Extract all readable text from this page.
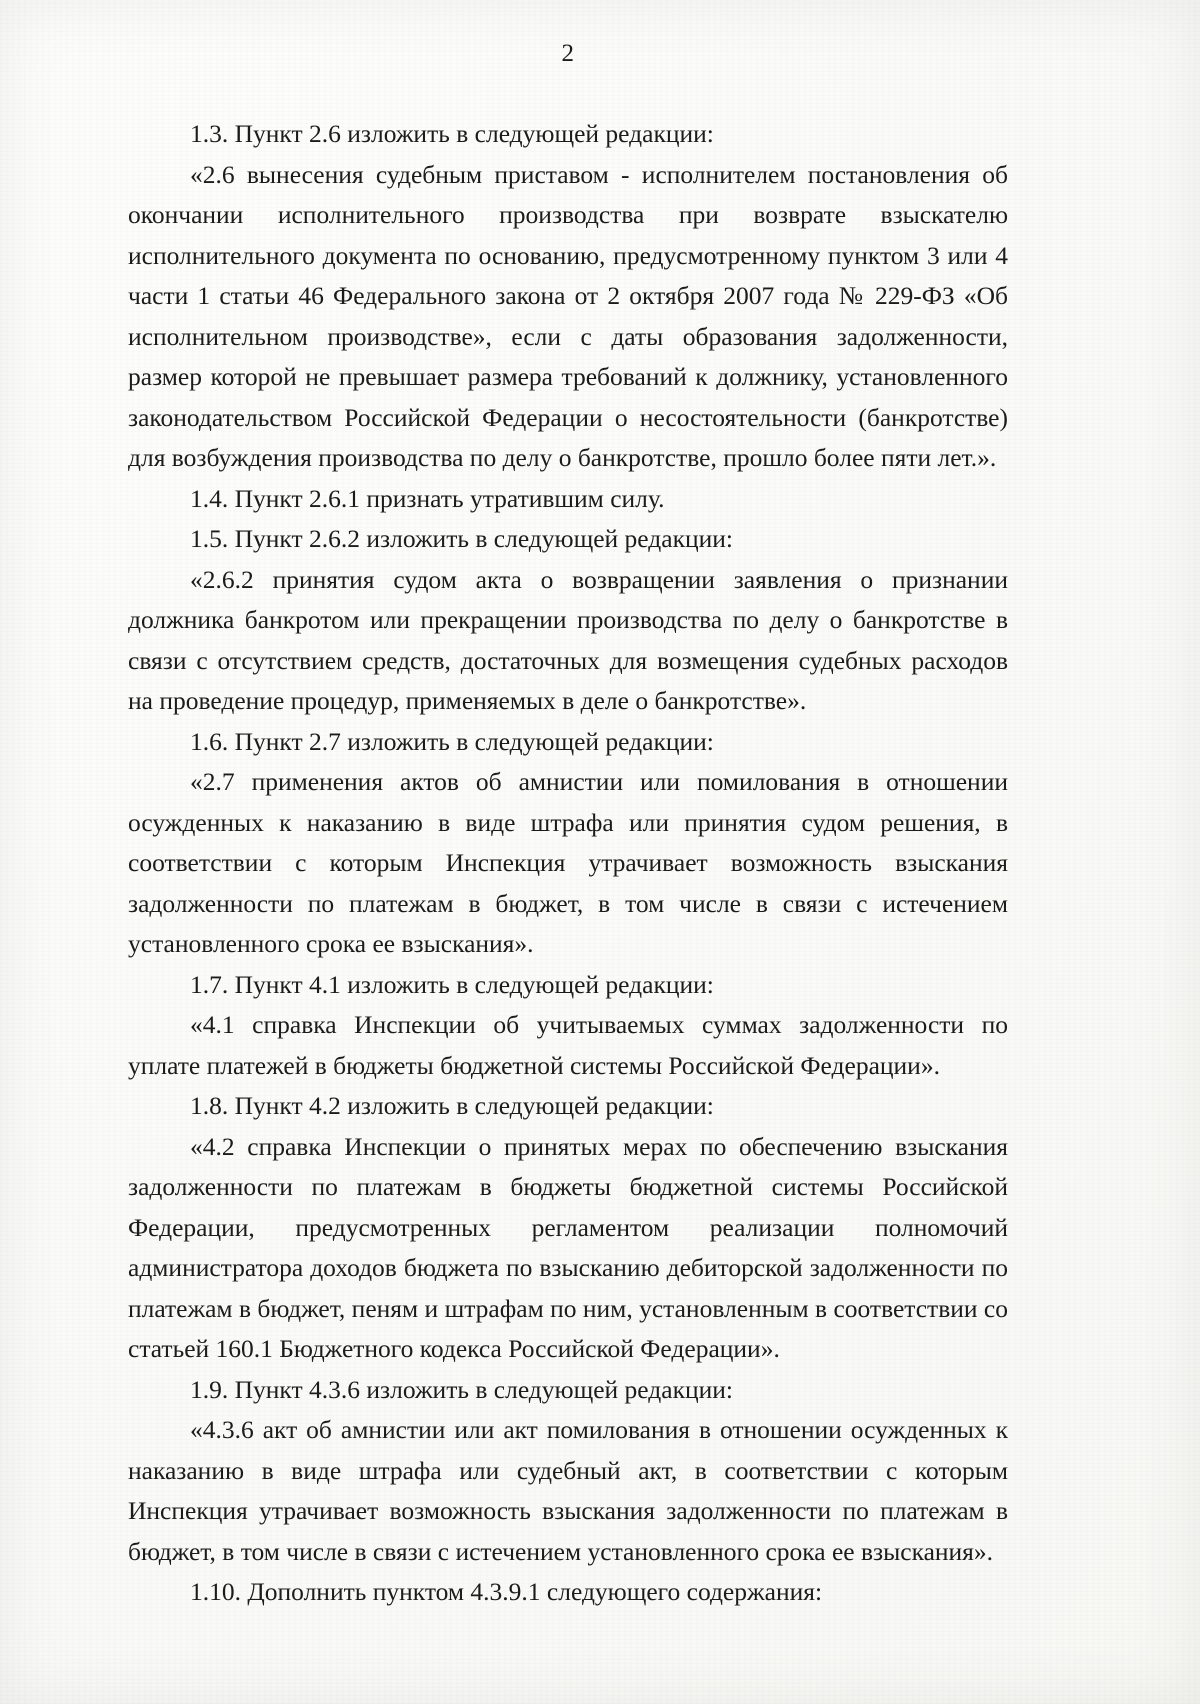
2

1.3. Пункт 2.6 изложить в следующей редакции:

«2.6 вынесения судебным приставом - исполнителем постановления об окончании исполнительного производства при возврате взыскателю исполнительного документа по основанию, предусмотренному пунктом 3 или 4 части 1 статьи 46 Федерального закона от 2 октября 2007 года № 229-ФЗ «Об исполнительном производстве», если с даты образования задолженности, размер которой не превышает размера требований к должнику, установленного законодательством Российской Федерации о несостоятельности (банкротстве) для возбуждения производства по делу о банкротстве, прошло более пяти лет.».

1.4. Пункт 2.6.1 признать утратившим силу.

1.5. Пункт 2.6.2 изложить в следующей редакции:

«2.6.2 принятия судом акта о возвращении заявления о признании должника банкротом или прекращении производства по делу о банкротстве в связи с отсутствием средств, достаточных для возмещения судебных расходов на проведение процедур, применяемых в деле о банкротстве».

1.6. Пункт 2.7 изложить в следующей редакции:

«2.7 применения актов об амнистии или помилования в отношении осужденных к наказанию в виде штрафа или принятия судом решения, в соответствии с которым Инспекция утрачивает возможность взыскания задолженности по платежам в бюджет, в том числе в связи с истечением установленного срока ее взыскания».

1.7. Пункт 4.1 изложить в следующей редакции:

«4.1 справка Инспекции об учитываемых суммах задолженности по уплате платежей в бюджеты бюджетной системы Российской Федерации».

1.8. Пункт 4.2 изложить в следующей редакции:

«4.2 справка Инспекции о принятых мерах по обеспечению взыскания задолженности по платежам в бюджеты бюджетной системы Российской Федерации, предусмотренных регламентом реализации полномочий администратора доходов бюджета по взысканию дебиторской задолженности по платежам в бюджет, пеням и штрафам по ним, установленным в соответствии со статьей 160.1 Бюджетного кодекса Российской Федерации».

1.9. Пункт 4.3.6 изложить в следующей редакции:

«4.3.6 акт об амнистии или акт помилования в отношении осужденных к наказанию в виде штрафа или судебный акт, в соответствии с которым Инспекция утрачивает возможность взыскания задолженности по платежам в бюджет, в том числе в связи с истечением установленного срока ее взыскания».

1.10. Дополнить пунктом 4.3.9.1 следующего содержания:
